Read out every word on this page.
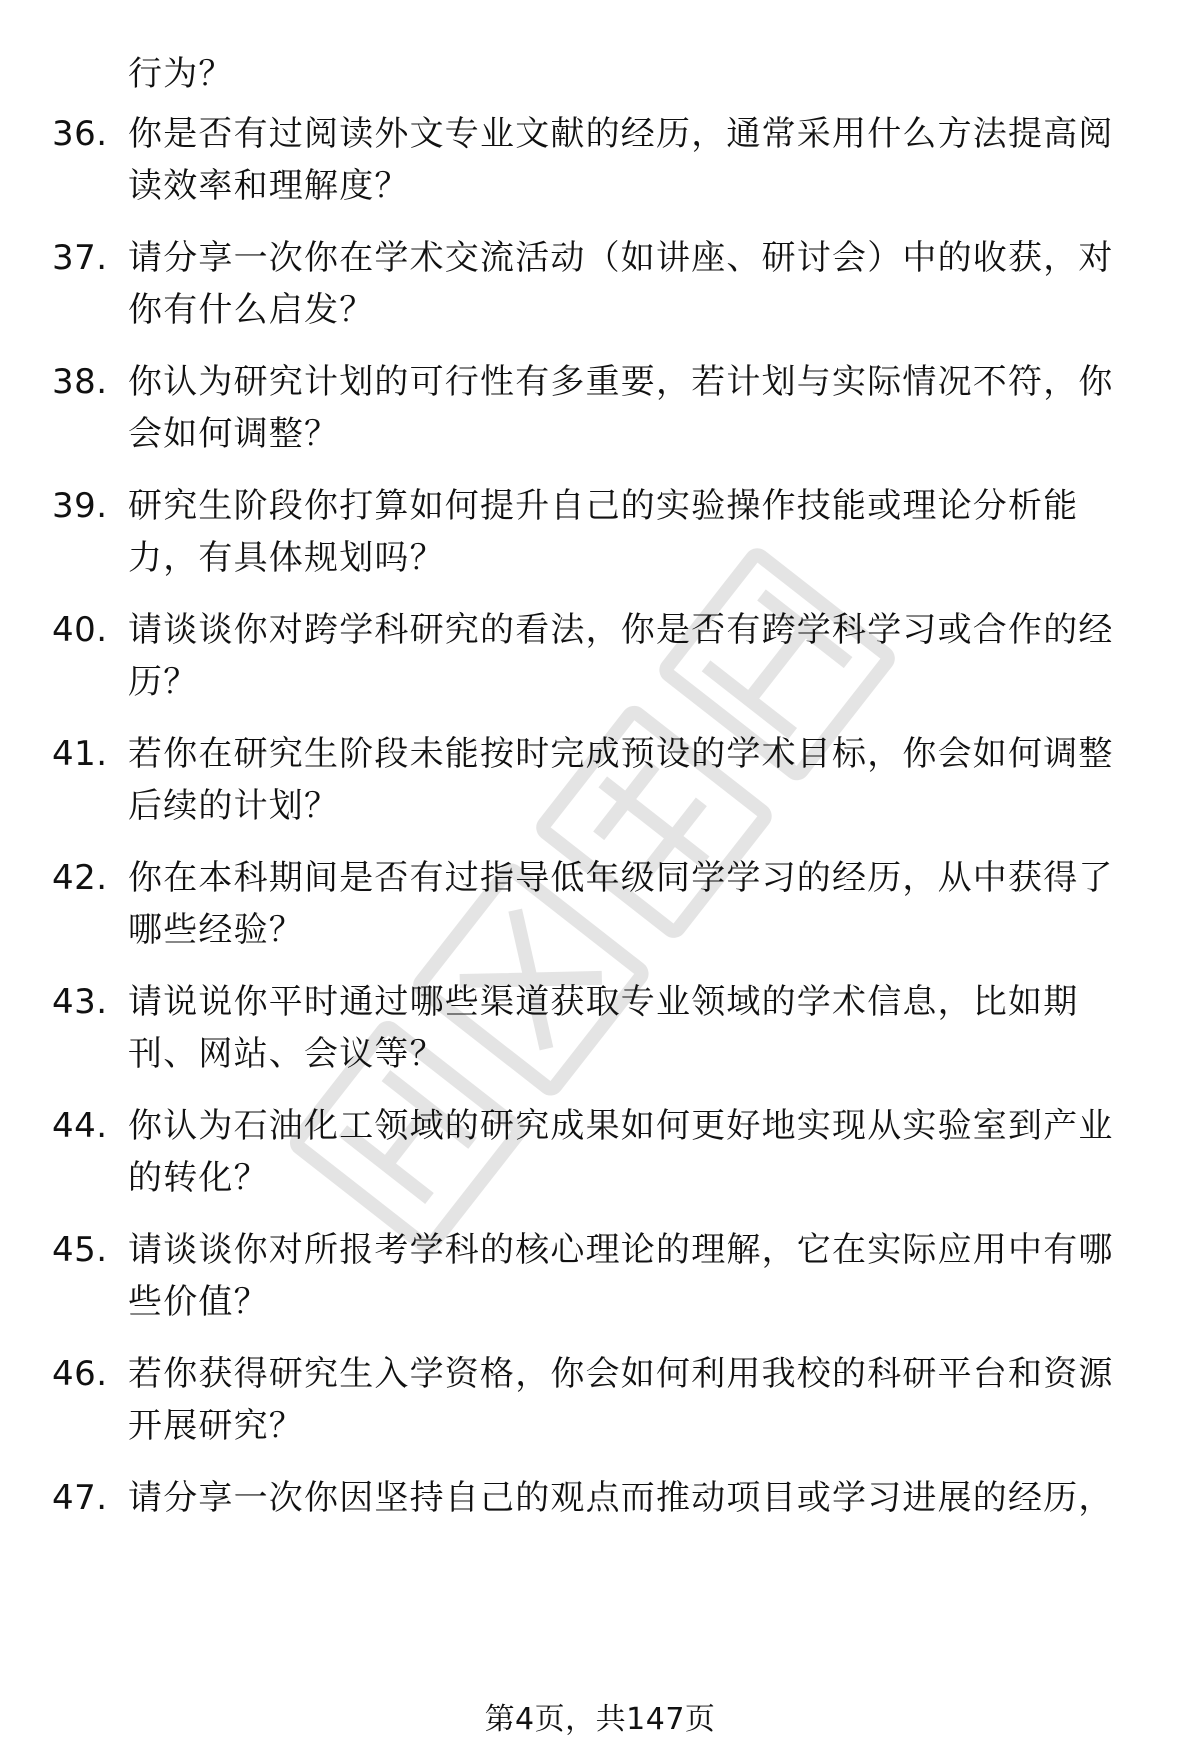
行为？
36. 你是否有过阅读外文专业文献的经历，通常采用什么方法提高阅读效率和理解度？
37. 请分享一次你在学术交流活动（如讲座、研讨会）中的收获，对你有什么启发？
38. 你认为研究计划的可行性有多重要，若计划与实际情况不符，你会如何调整？
39. 研究生阶段你打算如何提升自己的实验操作技能或理论分析能力，有具体规划吗？
40. 请谈谈你对跨学科研究的看法，你是否有跨学科学习或合作的经历？
41. 若你在研究生阶段未能按时完成预设的学术目标，你会如何调整后续的计划？
42. 你在本科期间是否有过指导低年级同学学习的经历，从中获得了哪些经验？
43. 请说说你平时通过哪些渠道获取专业领域的学术信息，比如期刊、网站、会议等？
44. 你认为石油化工领域的研究成果如何更好地实现从实验室到产业的转化？
45. 请谈谈你对所报考学科的核心理论的理解，它在实际应用中有哪些价值？
46. 若你获得研究生入学资格，你会如何利用我校的科研平台和资源开展研究？
47. 请分享一次你因坚持自己的观点而推动项目或学习进展的经历，
第4页，共147页
